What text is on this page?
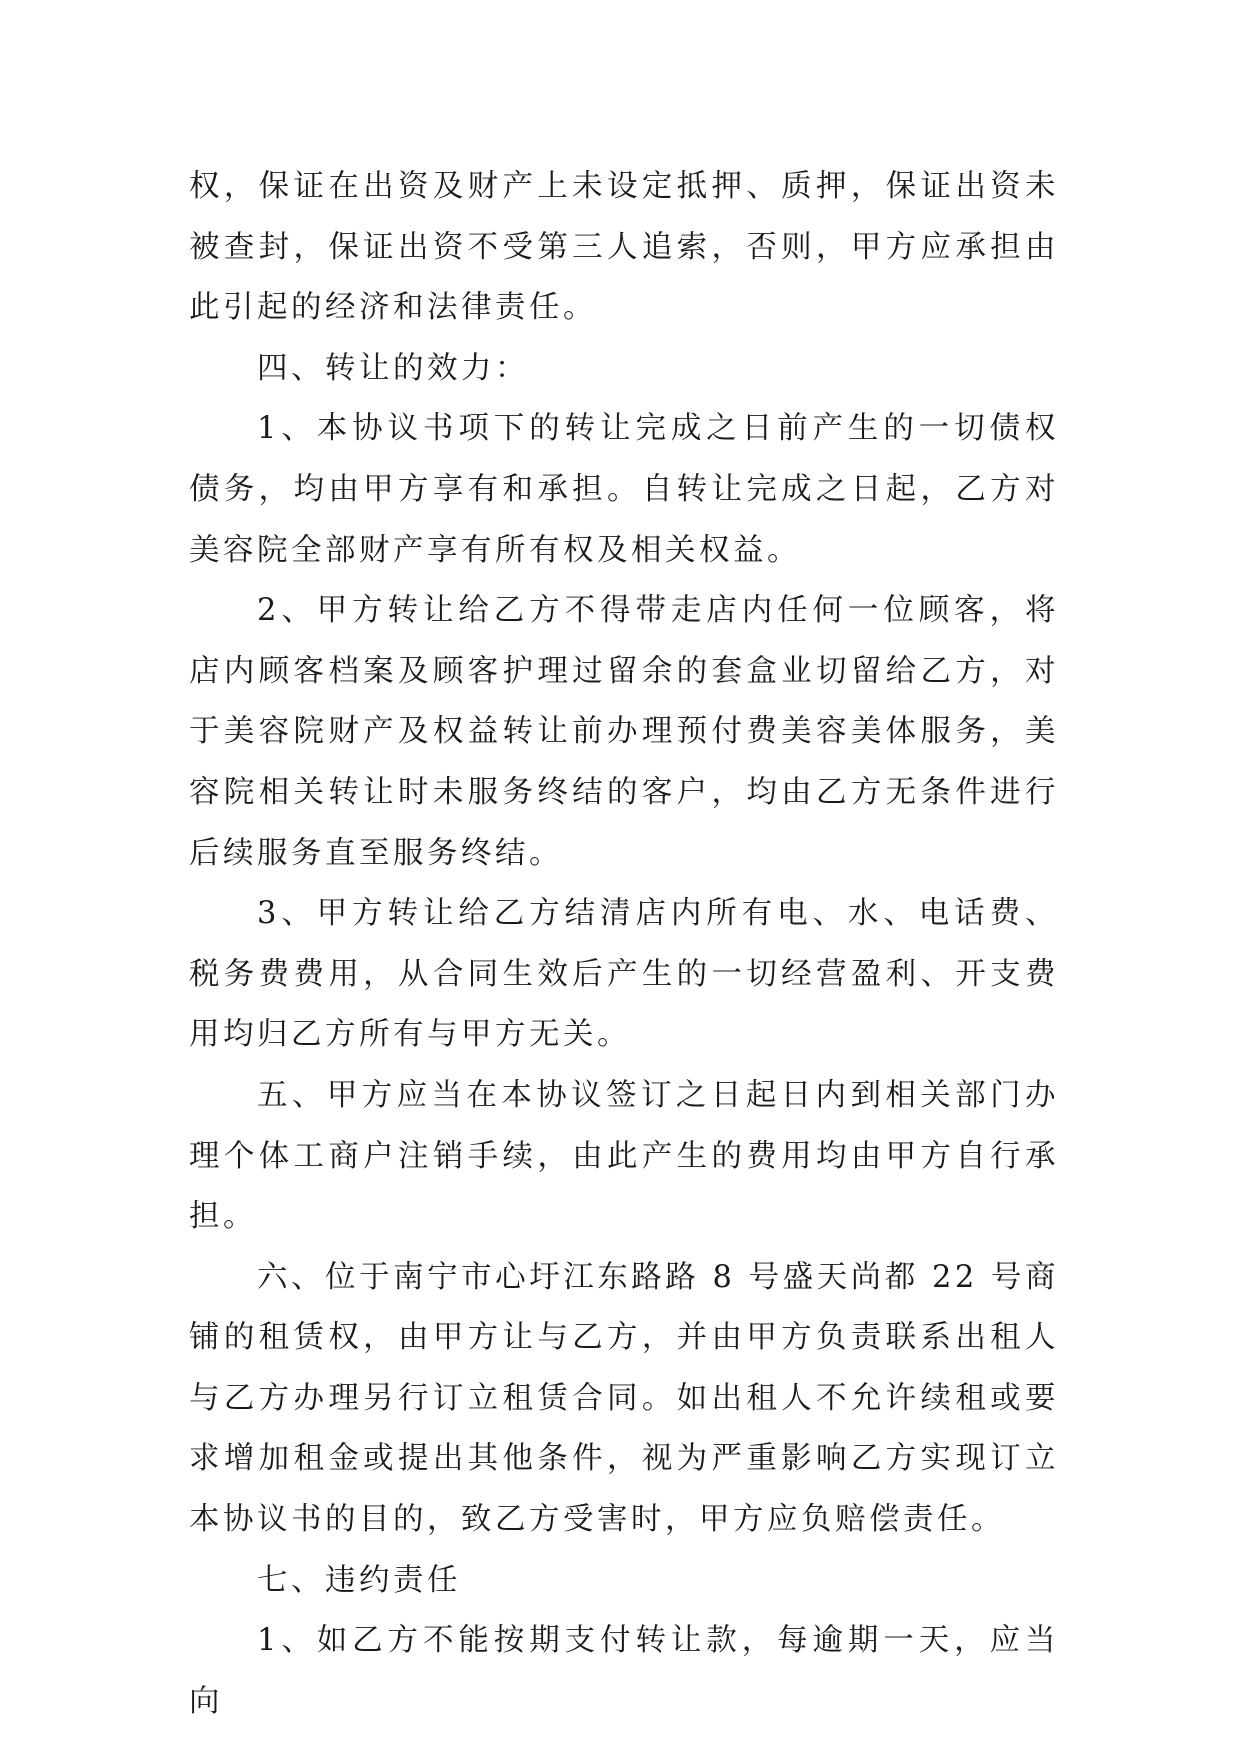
权，保证在出资及财产上未设定抵押、质押，保证出资未被查封，保证出资不受第三人追索，否则，甲方应承担由此引起的经济和法律责任。

四、转让的效力：

1、本协议书项下的转让完成之日前产生的一切债权债务，均由甲方享有和承担。自转让完成之日起，乙方对美容院全部财产享有所有权及相关权益。

2、甲方转让给乙方不得带走店内任何一位顾客，将店内顾客档案及顾客护理过留余的套盒业切留给乙方，对于美容院财产及权益转让前办理预付费美容美体服务，美容院相关转让时未服务终结的客户，均由乙方无条件进行后续服务直至服务终结。

3、甲方转让给乙方结清店内所有电、水、电话费、税务费费用，从合同生效后产生的一切经营盈利、开支费用均归乙方所有与甲方无关。

五、甲方应当在本协议签订之日起日内到相关部门办理个体工商户注销手续，由此产生的费用均由甲方自行承担。

六、位于南宁市心圩江东路路 8 号盛天尚都 22 号商铺的租赁权，由甲方让与乙方，并由甲方负责联系出租人与乙方办理另行订立租赁合同。如出租人不允许续租或要求增加租金或提出其他条件，视为严重影响乙方实现订立本协议书的目的，致乙方受害时，甲方应负赔偿责任。

七、违约责任

1、如乙方不能按期支付转让款，每逾期一天，应当向
